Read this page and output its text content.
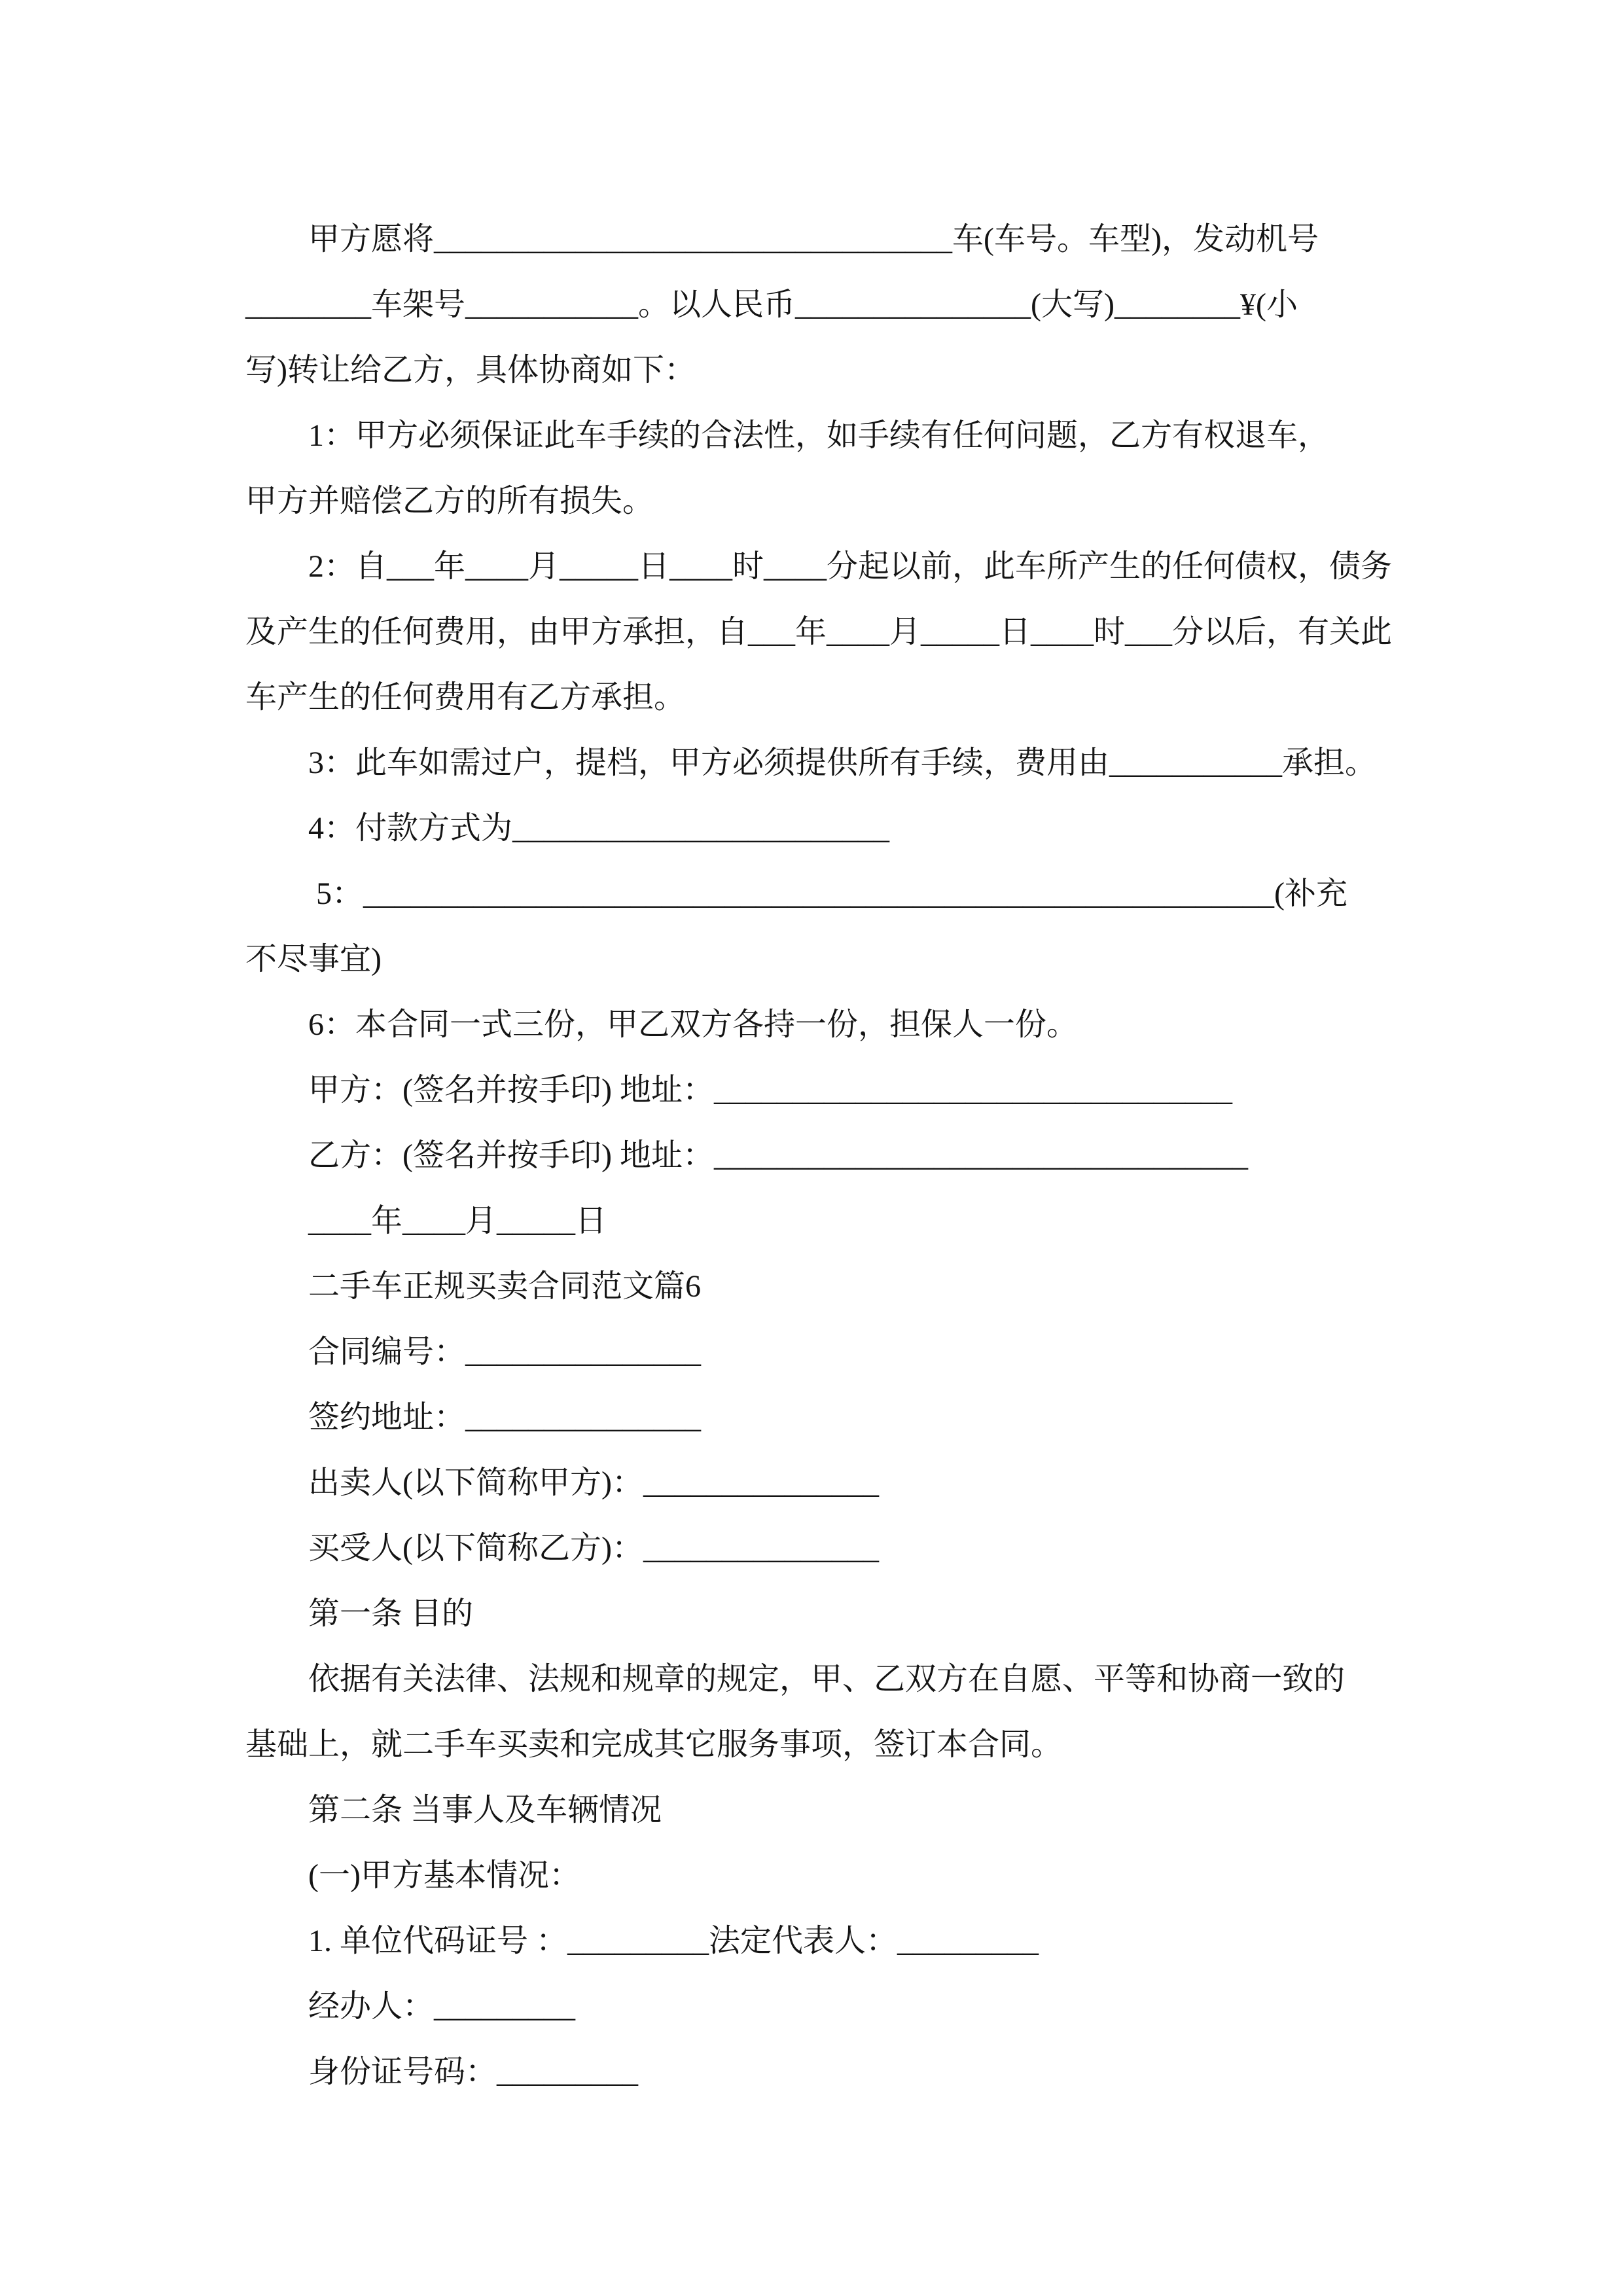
甲方愿将_________________________________车(车号。车型)，发动机号
________车架号___________。以人民币_______________(大写)________¥(小
写)转让给乙方，具体协商如下：
1：甲方必须保证此车手续的合法性，如手续有任何问题，乙方有权退车，
甲方并赔偿乙方的所有损失。
2：自___年____月_____日____时____分起以前，此车所产生的任何债权，债务
及产生的任何费用，由甲方承担，自___年____月_____日____时___分以后，有关此
车产生的任何费用有乙方承担。
3：此车如需过户，提档，甲方必须提供所有手续，费用由___________承担。
4：付款方式为________________________
5：__________________________________________________________(补充
不尽事宜)
6：本合同一式三份，甲乙双方各持一份，担保人一份。
甲方：(签名并按手印) 地址：_________________________________
乙方：(签名并按手印) 地址：__________________________________
____年____月_____日
二手车正规买卖合同范文篇6
合同编号：_______________
签约地址：_______________
出卖人(以下简称甲方)：_______________
买受人(以下简称乙方)：_______________
第一条 目的
依据有关法律、法规和规章的规定，甲、乙双方在自愿、平等和协商一致的
基础上，就二手车买卖和完成其它服务事项，签订本合同。
第二条 当事人及车辆情况
(一)甲方基本情况：
1. 单位代码证号 ：_________法定代表人：_________
经办人：_________
身份证号码：_________
